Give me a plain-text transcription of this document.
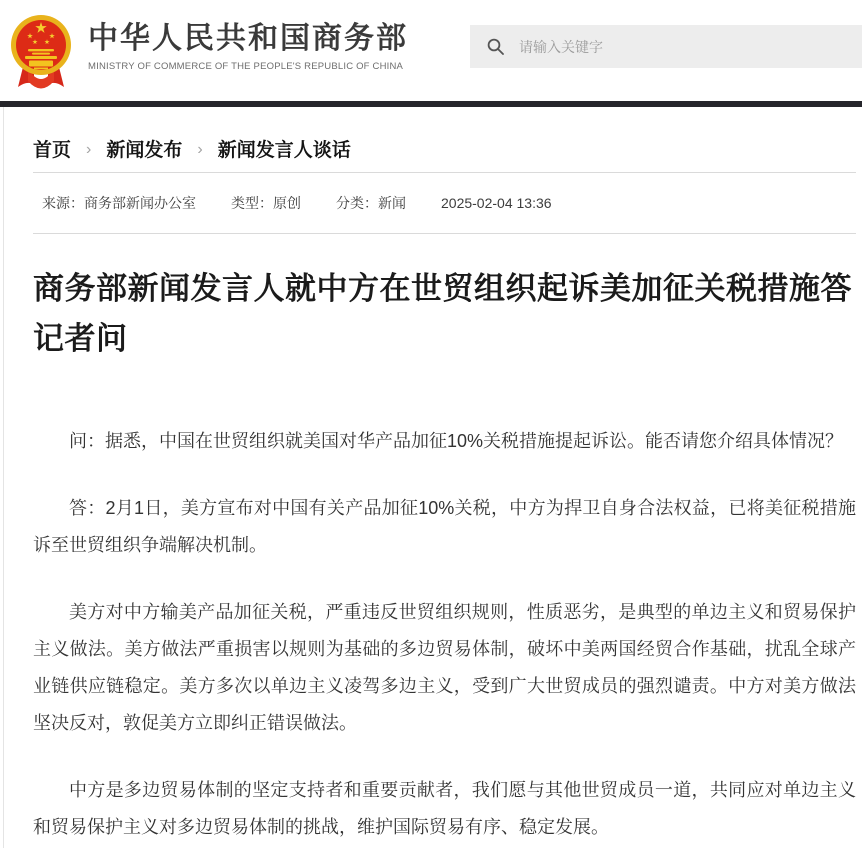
中华人民共和国商务部
MINISTRY OF COMMERCE OF THE PEOPLE'S REPUBLIC OF CHINA
请输入关键字
首页 › 新闻发布 › 新闻发言人谈话
来源： 商务部新闻办公室	类型： 原创	分类： 新闻	2025-02-04 13:36
商务部新闻发言人就中方在世贸组织起诉美加征关税措施答记者问

问：据悉，中国在世贸组织就美国对华产品加征10%关税措施提起诉讼。能否请您介绍具体情况？

答：2月1日，美方宣布对中国有关产品加征10%关税，中方为捍卫自身合法权益，已将美征税措施诉至世贸组织争端解决机制。

美方对中方输美产品加征关税，严重违反世贸组织规则，性质恶劣，是典型的单边主义和贸易保护主义做法。美方做法严重损害以规则为基础的多边贸易体制，破坏中美两国经贸合作基础，扰乱全球产业链供应链稳定。美方多次以单边主义凌驾多边主义，受到广大世贸成员的强烈谴责。中方对美方做法坚决反对，敦促美方立即纠正错误做法。

中方是多边贸易体制的坚定支持者和重要贡献者，我们愿与其他世贸成员一道，共同应对单边主义和贸易保护主义对多边贸易体制的挑战，维护国际贸易有序、稳定发展。
